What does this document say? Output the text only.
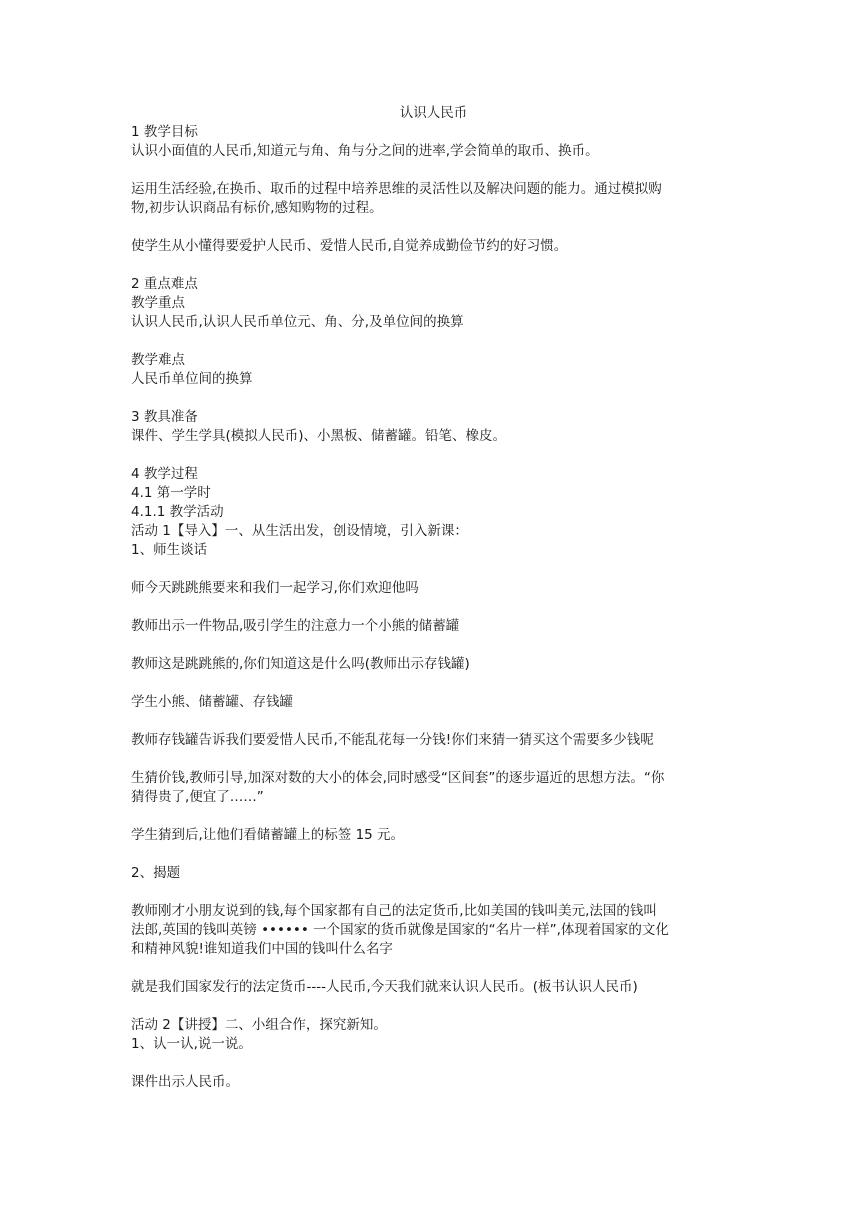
认识人民币

1 教学目标

认识小面值的人民币,知道元与角、角与分之间的进率,学会简单的取币、换币。

运用生活经验,在换币、取币的过程中培养思维的灵活性以及解决问题的能力。通过模拟购

物,初步认识商品有标价,感知购物的过程。

使学生从小懂得要爱护人民币、爱惜人民币,自觉养成勤俭节约的好习惯。

2 重点难点

教学重点

认识人民币,认识人民币单位元、角、分,及单位间的换算

教学难点

人民币单位间的换算

3 教具准备

课件、学生学具(模拟人民币)、小黑板、储蓄罐。铅笔、橡皮。

4 教学过程

4.1 第一学时

4.1.1 教学活动

活动 1【导入】一、从生活出发，创设情境，引入新课：

1、师生谈话

师今天跳跳熊要来和我们一起学习,你们欢迎他吗

教师出示一件物品,吸引学生的注意力一个小熊的储蓄罐

教师这是跳跳熊的,你们知道这是什么吗(教师出示存钱罐)

学生小熊、储蓄罐、存钱罐

教师存钱罐告诉我们要爱惜人民币,不能乱花每一分钱!你们来猜一猜买这个需要多少钱呢

生猜价钱,教师引导,加深对数的大小的体会,同时感受“区间套”的逐步逼近的思想方法。“你

猜得贵了,便宜了……”

学生猜到后,让他们看储蓄罐上的标签 15 元。

2、揭题

教师刚才小朋友说到的钱,每个国家都有自己的法定货币,比如美国的钱叫美元,法国的钱叫

法郎,英国的钱叫英镑 •••••• 一个国家的货币就像是国家的“名片一样”,体现着国家的文化

和精神风貌!谁知道我们中国的钱叫什么名字

就是我们国家发行的法定货币----人民币,今天我们就来认识人民币。(板书认识人民币)

活动 2【讲授】二、小组合作，探究新知。

1、认一认,说一说。

课件出示人民币。
